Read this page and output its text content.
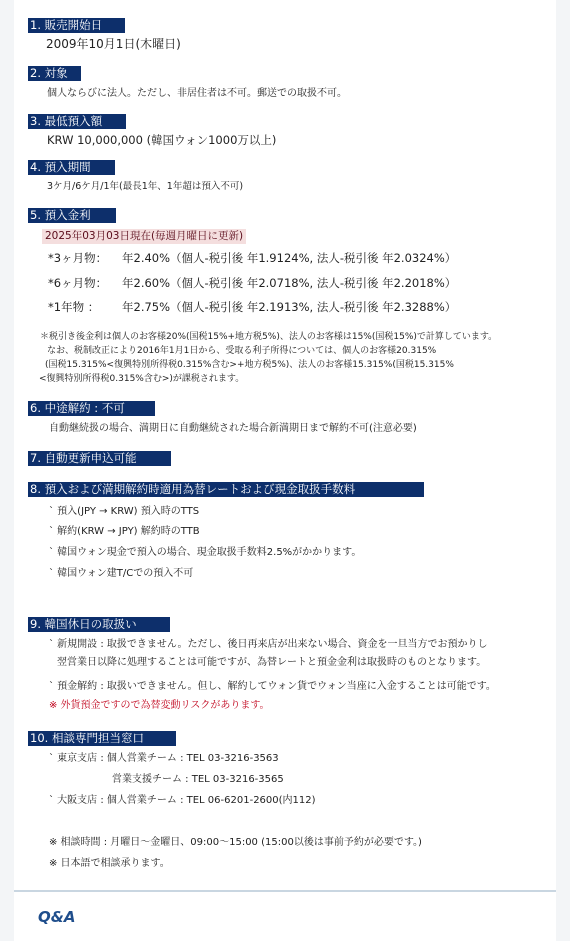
1. 販売開始日
2009年10月1日(木曜日)
2. 対象
個人ならびに法人。ただし、非居住者は不可。郵送での取扱不可。
3. 最低預入額
KRW 10,000,000 (韓国ウォン1000万以上)
4. 預入期間
3ケ月/6ケ月/1年(最長1年、1年超は預入不可)
5. 預入金利
2025年03月03日現在(毎週月曜日に更新)
*3ヶ月物： 年2.40%（個人-税引後 年1.9124%, 法人-税引後 年2.0324%）
*6ヶ月物： 年2.60%（個人-税引後 年2.0718%, 法人-税引後 年2.2018%）
*1年物 ： 年2.75%（個人-税引後 年2.1913%, 法人-税引後 年2.3288%）
＊税引き後金利は個人のお客様20%(国税15%+地方税5%)、法人のお客様は15%(国税15%)で計算しています。
なお、税制改正により2016年1月1日から、受取る利子所得については、個人のお客様20.315%
(国税15.315%<復興特別所得税0.315%含む>+地方税5%)、法人のお客様15.315%(国税15.315%
<復興特別所得税0.315%含む>)が課税されます。
6. 中途解約 : 不可
自動継続扱の場合、満期日に自動継続された場合新満期日まで解約不可(注意必要)
7. 自動更新申込可能
8. 預入および満期解約時適用為替レートおよび現金取扱手数料
` 預入(JPY → KRW) 預入時のTTS
` 解約(KRW → JPY) 解約時のTTB
` 韓国ウォン現金で預入の場合、現金取扱手数料2.5%がかかります。
` 韓国ウォン建T/Cでの預入不可
9. 韓国休日の取扱い
` 新規開設 : 取扱できません。ただし、後日再来店が出来ない場合、資金を一旦当方でお預かりし
翌営業日以降に処理することは可能ですが、為替レートと預金金利は取扱時のものとなります。
` 預金解約 : 取扱いできません。但し、解約してウォン貨でウォン当座に入金することは可能です。
※ 外貨預金ですので為替変動リスクがあります。
10. 相談専門担当窓口
` 東京支店 : 個人営業チーム : TEL 03-3216-3563
営業支援チーム : TEL 03-3216-3565
` 大阪支店 : 個人営業チーム : TEL 06-6201-2600(内112)
※ 相談時間 : 月曜日～金曜日、09:00～15:00 (15:00以後は事前予約が必要です。)
※ 日本語で相談承ります。
Q&A
